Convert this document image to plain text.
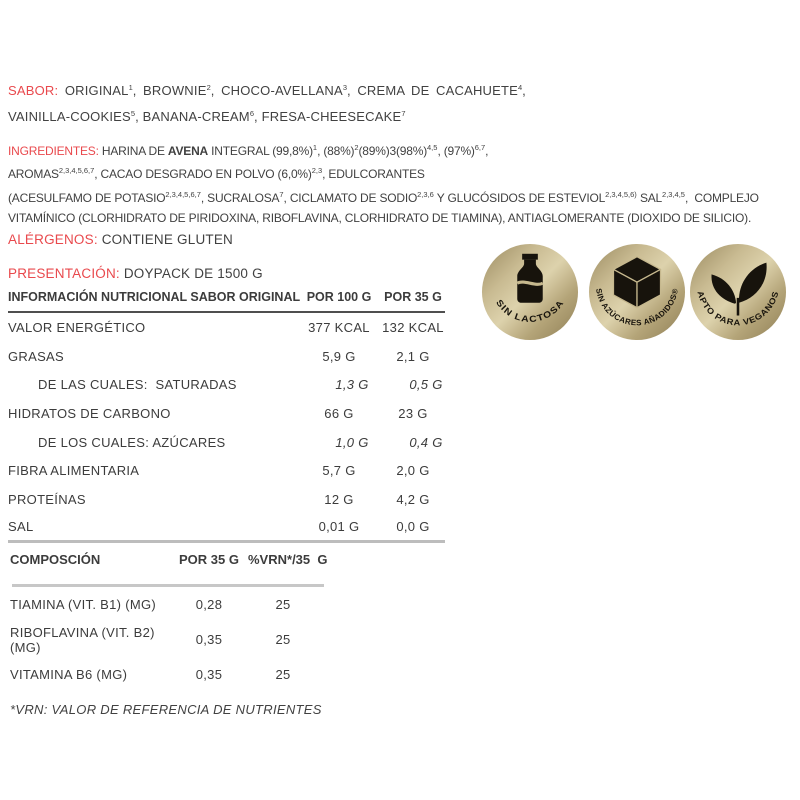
SABOR: ORIGINAL$^1$, BROWNIE$^2$, CHOCO-AVELLANA$^3$, CREMA DE CACAHUETE$^4$, VAINILLA-COOKIES$^5$, BANANA-CREAM$^6$, FRESA-CHEESECAKE$^7$

INGREDIENTES: HARINA DE AVENA INTEGRAL $(99,8\%)^1$, $(88\%)^2(89\%)3(98\%)^{4,5}$, $(97\%)^{6,7}$,
AROMAS$^{2,3,4,5,6,7}$, CACAO DESGRADO EN POLVO $(6,0\%)^{2,3}$, EDULCORANTES
(ACESULFAMO DE POTASIO$^{2,3,4,5,6,7}$, SUCRALOSA$^7$, CICLAMATO DE SODIO$^{2,3,6}$ Y GLUCÓSIDOS DE ESTEVIOL$^{2,3,4,5,6)}$ SAL$^{2,3,4,5}$,  COMPLEJO VITAMÍNICO (CLORHIDRATO DE PIRIDOXINA, RIBOFLAVINA, CLORHIDRATO DE TIAMINA), ANTIAGLOMERANTE (DIOXIDO DE SILICIO).

ALÉRGENOS: CONTIENE GLUTEN

PRESENTACIÓN: DOYPACK DE 1500 G

SIN LACTOSA
SIN AZÚCARES AÑADIDOS® APTO PARA VEGANOS
INFORMACIÓN NUTRICIONAL SABOR ORIGINAL POR 100 G	POR 35 G
VALOR ENERGÉTICO	377 KCAL 132 KCAL
GRASAS	5,9 G	2,1 G
DE LAS CUALES:  SATURADAS	1,3 G	0,5 G
HIDRATOS DE CARBONO	66 G	23 G
DE LOS CUALES: AZÚCARES	1,0 G	0,4 G
FIBRA ALIMENTARIA	5,7 G	2,0 G
PROTEÍNAS	12 G	4,2 G
SAL	0,01 G	0,0 G
COMPOSCIÓN	POR 35 G %VRN*/35  G
TIAMINA (VIT. B1) (MG)	0,28	25
RIBOFLAVINA (VIT. B2) (MG)	0,35	25
VITAMINA B6 (MG)	0,35	25

*VRN: VALOR DE REFERENCIA DE NUTRIENTES
